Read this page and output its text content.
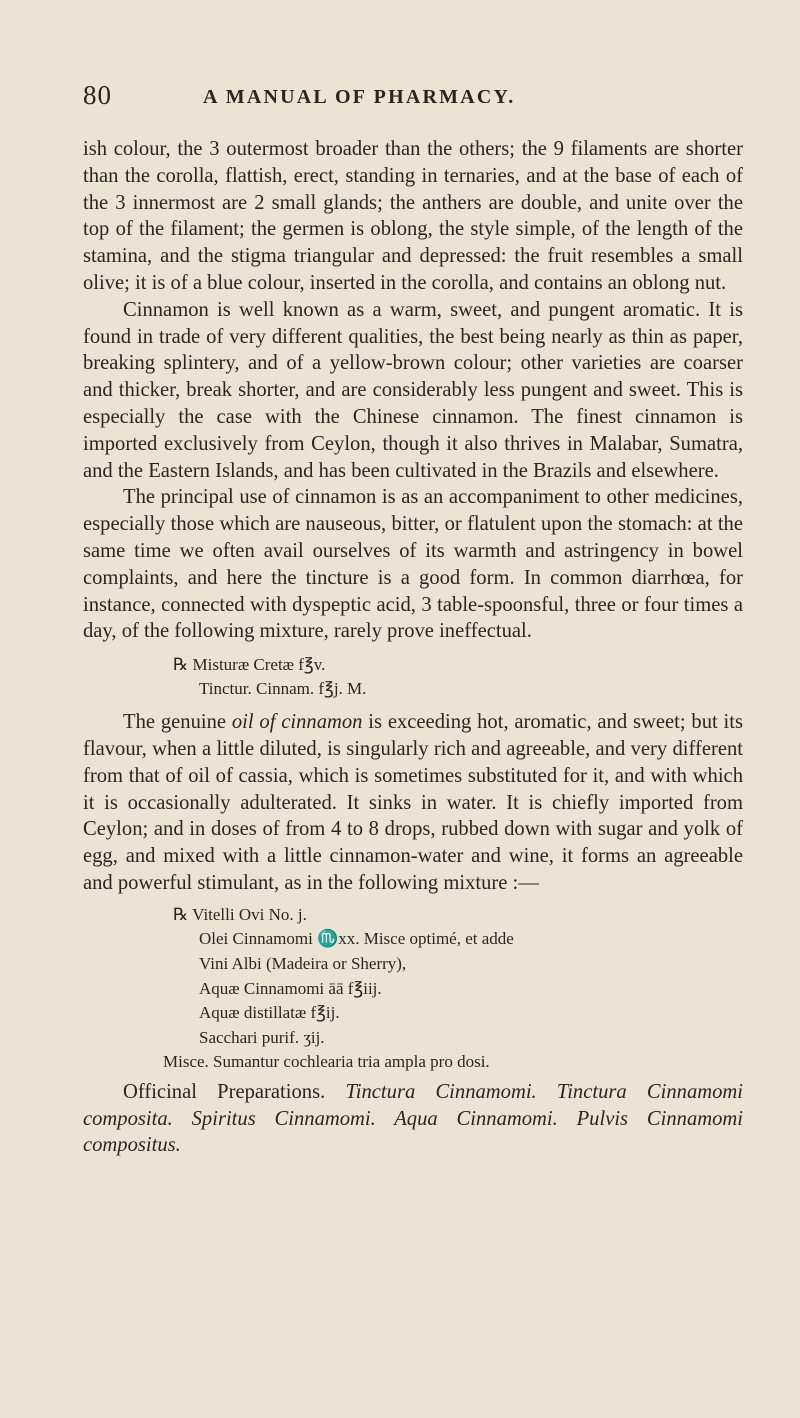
80	A MANUAL OF PHARMACY.

ish colour, the 3 outermost broader than the others; the 9 filaments are shorter than the corolla, flattish, erect, standing in ternaries, and at the base of each of the 3 innermost are 2 small glands; the anthers are double, and unite over the top of the filament; the germen is oblong, the style simple, of the length of the stamina, and the stigma triangular and depressed: the fruit resembles a small olive; it is of a blue colour, inserted in the corolla, and contains an oblong nut.

Cinnamon is well known as a warm, sweet, and pungent aromatic. It is found in trade of very different qualities, the best being nearly as thin as paper, breaking splintery, and of a yellow-brown colour; other varieties are coarser and thicker, break shorter, and are considerably less pungent and sweet. This is especially the case with the Chinese cinnamon. The finest cinnamon is imported exclusively from Ceylon, though it also thrives in Malabar, Sumatra, and the Eastern Islands, and has been cultivated in the Brazils and elsewhere.

The principal use of cinnamon is as an accompaniment to other medicines, especially those which are nauseous, bitter, or flatulent upon the stomach: at the same time we often avail ourselves of its warmth and astringency in bowel complaints, and here the tincture is a good form. In common diarrhœa, for instance, connected with dyspeptic acid, 3 table-spoonsful, three or four times a day, of the following mixture, rarely prove ineffectual.

℞ Misturæ Cretæ f℥v.
Tinctur. Cinnam. f℥j. M.

The genuine oil of cinnamon is exceeding hot, aromatic, and sweet; but its flavour, when a little diluted, is singularly rich and agreeable, and very different from that of oil of cassia, which is sometimes substituted for it, and with which it is occasionally adulterated. It sinks in water. It is chiefly imported from Ceylon; and in doses of from 4 to 8 drops, rubbed down with sugar and yolk of egg, and mixed with a little cinnamon-water and wine, it forms an agreeable and powerful stimulant, as in the following mixture :—

℞ Vitelli Ovi No. j.
Olei Cinnamomi ♏xx. Misce optimé, et adde
Vini Albi (Madeira or Sherry),
Aquæ Cinnamomi āā f℥iij.
Aquæ distillatæ f℥ij.
Sacchari purif. ʒij.
Misce. Sumantur cochlearia tria ampla pro dosi.

Officinal Preparations. Tinctura Cinnamomi. Tinctura Cinnamomi composita. Spiritus Cinnamomi. Aqua Cinnamomi. Pulvis Cinnamomi compositus.
